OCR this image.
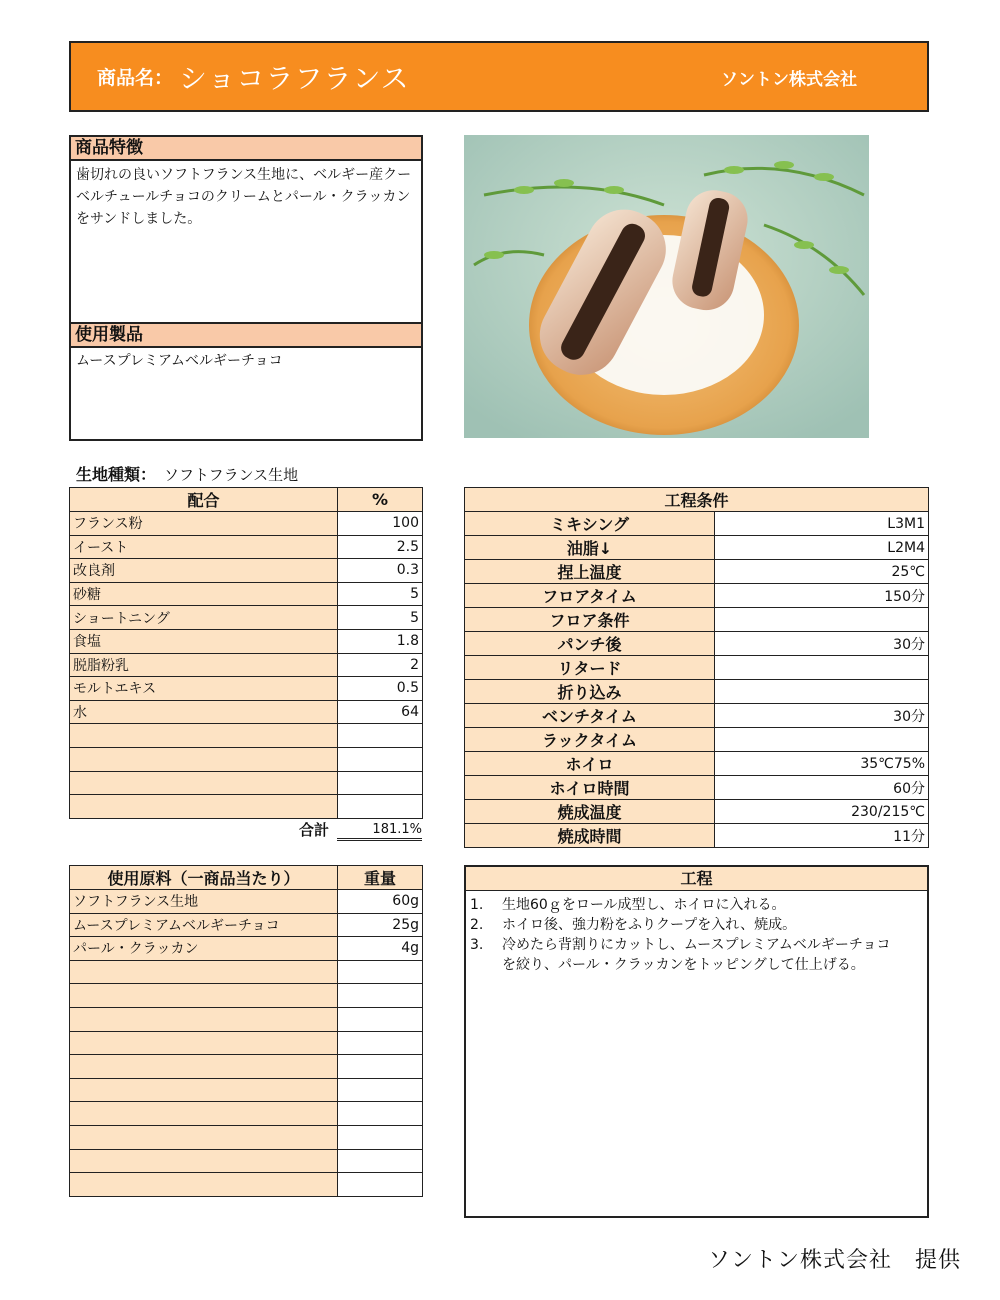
商品名： ショコラフランス	ソントン株式会社
商品特徴
歯切れの良いソフトフランス生地に、ベルギー産クーベルチュールチョコのクリームとパール・クラッカンをサンドしました。
使用製品
ムースプレミアムベルギーチョコ
生地種類： ソフトフランス生地
配合	%
フランス粉	100
イースト	2.5
改良剤	0.3
砂糖	5
ショートニング	5
食塩	1.8
脱脂粉乳	2
モルトエキス	0.5
水	64

合計	181.1%
工程条件	
ミキシング	L3M1
油脂↓	L2M4
捏上温度	25℃
フロアタイム	150分
フロア条件	
パンチ後	30分
リタード	
折り込み	
ベンチタイム	30分
ラックタイム	
ホイロ	35℃75%
ホイロ時間	60分
焼成温度	230/215℃
焼成時間	11分
使用原料（一商品当たり）	重量
ソフトフランス生地	60g
ムースプレミアムベルギーチョコ	25g
パール・クラッカン	4g

工程
1.	生地60ｇをロール成型し、ホイロに入れる。
2.	ホイロ後、強力粉をふりクープを入れ、焼成。
3.	冷めたら背割りにカットし、ムースプレミアムベルギーチョコを絞り、パール・クラッカンをトッピングして仕上げる。
ソントン株式会社　提供
